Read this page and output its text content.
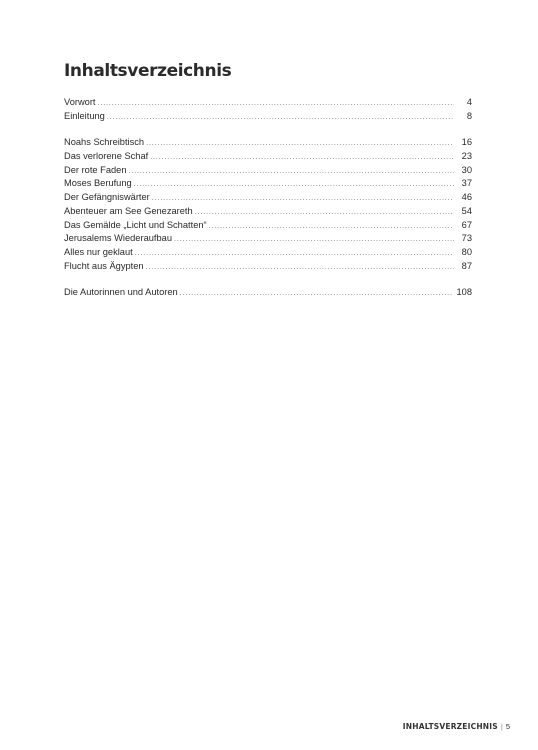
Inhaltsverzeichnis
Vorwort .....	4
Einleitung .....	8
Noahs Schreibtisch .....	16
Das verlorene Schaf .....	23
Der rote Faden .....	30
Moses Berufung .....	37
Der Gefängniswärter .....	46
Abenteuer am See Genezareth .....	54
Das Gemälde „Licht und Schatten“ .....	67
Jerusalems Wiederaufbau .....	73
Alles nur geklaut .....	80
Flucht aus Ägypten .....	87
Die Autorinnen und Autoren .....	108
INHALTSVERZEICHNIS | 5
